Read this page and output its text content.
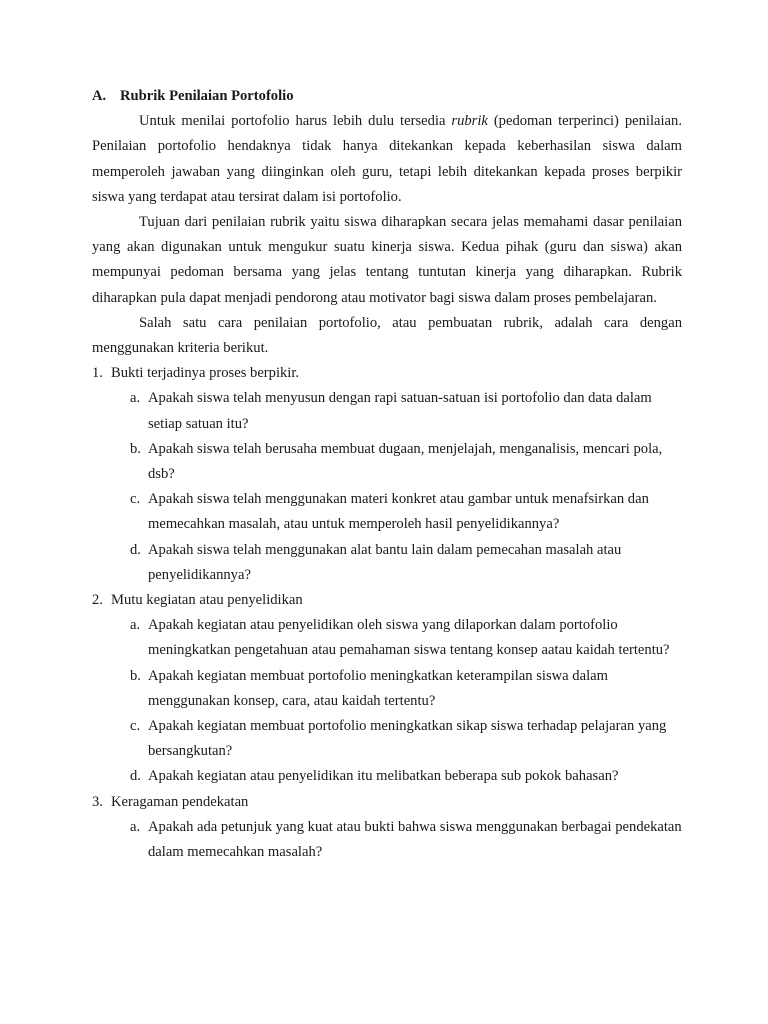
A. Rubrik Penilaian Portofolio

Untuk menilai portofolio harus lebih dulu tersedia rubrik (pedoman terperinci) penilaian. Penilaian portofolio hendaknya tidak hanya ditekankan kepada keberhasilan siswa dalam memperoleh jawaban yang diinginkan oleh guru, tetapi lebih ditekankan kepada proses berpikir siswa yang terdapat atau tersirat dalam isi portofolio.

Tujuan dari penilaian rubrik yaitu siswa diharapkan secara jelas memahami dasar penilaian yang akan digunakan untuk mengukur suatu kinerja siswa. Kedua pihak (guru dan siswa) akan mempunyai pedoman bersama yang jelas tentang tuntutan kinerja yang diharapkan. Rubrik diharapkan pula dapat menjadi pendorong atau motivator bagi siswa dalam proses pembelajaran.

Salah satu cara penilaian portofolio, atau pembuatan rubrik, adalah cara dengan menggunakan kriteria berikut.

1. Bukti terjadinya proses berpikir.
a. Apakah siswa telah menyusun dengan rapi satuan-satuan isi portofolio dan data dalam setiap satuan itu?
b. Apakah siswa telah berusaha membuat dugaan, menjelajah, menganalisis, mencari pola, dsb?
c. Apakah siswa telah menggunakan materi konkret atau gambar untuk menafsirkan dan memecahkan masalah, atau untuk memperoleh hasil penyelidikannya?
d. Apakah siswa telah menggunakan alat bantu lain dalam pemecahan masalah atau penyelidikannya?
2. Mutu kegiatan atau penyelidikan
a. Apakah kegiatan atau penyelidikan oleh siswa yang dilaporkan dalam portofolio meningkatkan pengetahuan atau pemahaman siswa tentang konsep aatau kaidah tertentu?
b. Apakah kegiatan membuat portofolio meningkatkan keterampilan siswa dalam menggunakan konsep, cara, atau kaidah tertentu?
c. Apakah kegiatan membuat portofolio meningkatkan sikap siswa terhadap pelajaran yang bersangkutan?
d. Apakah kegiatan atau penyelidikan itu melibatkan beberapa sub pokok bahasan?
3. Keragaman pendekatan
a. Apakah ada petunjuk yang kuat atau bukti bahwa siswa menggunakan berbagai pendekatan dalam memecahkan masalah?
